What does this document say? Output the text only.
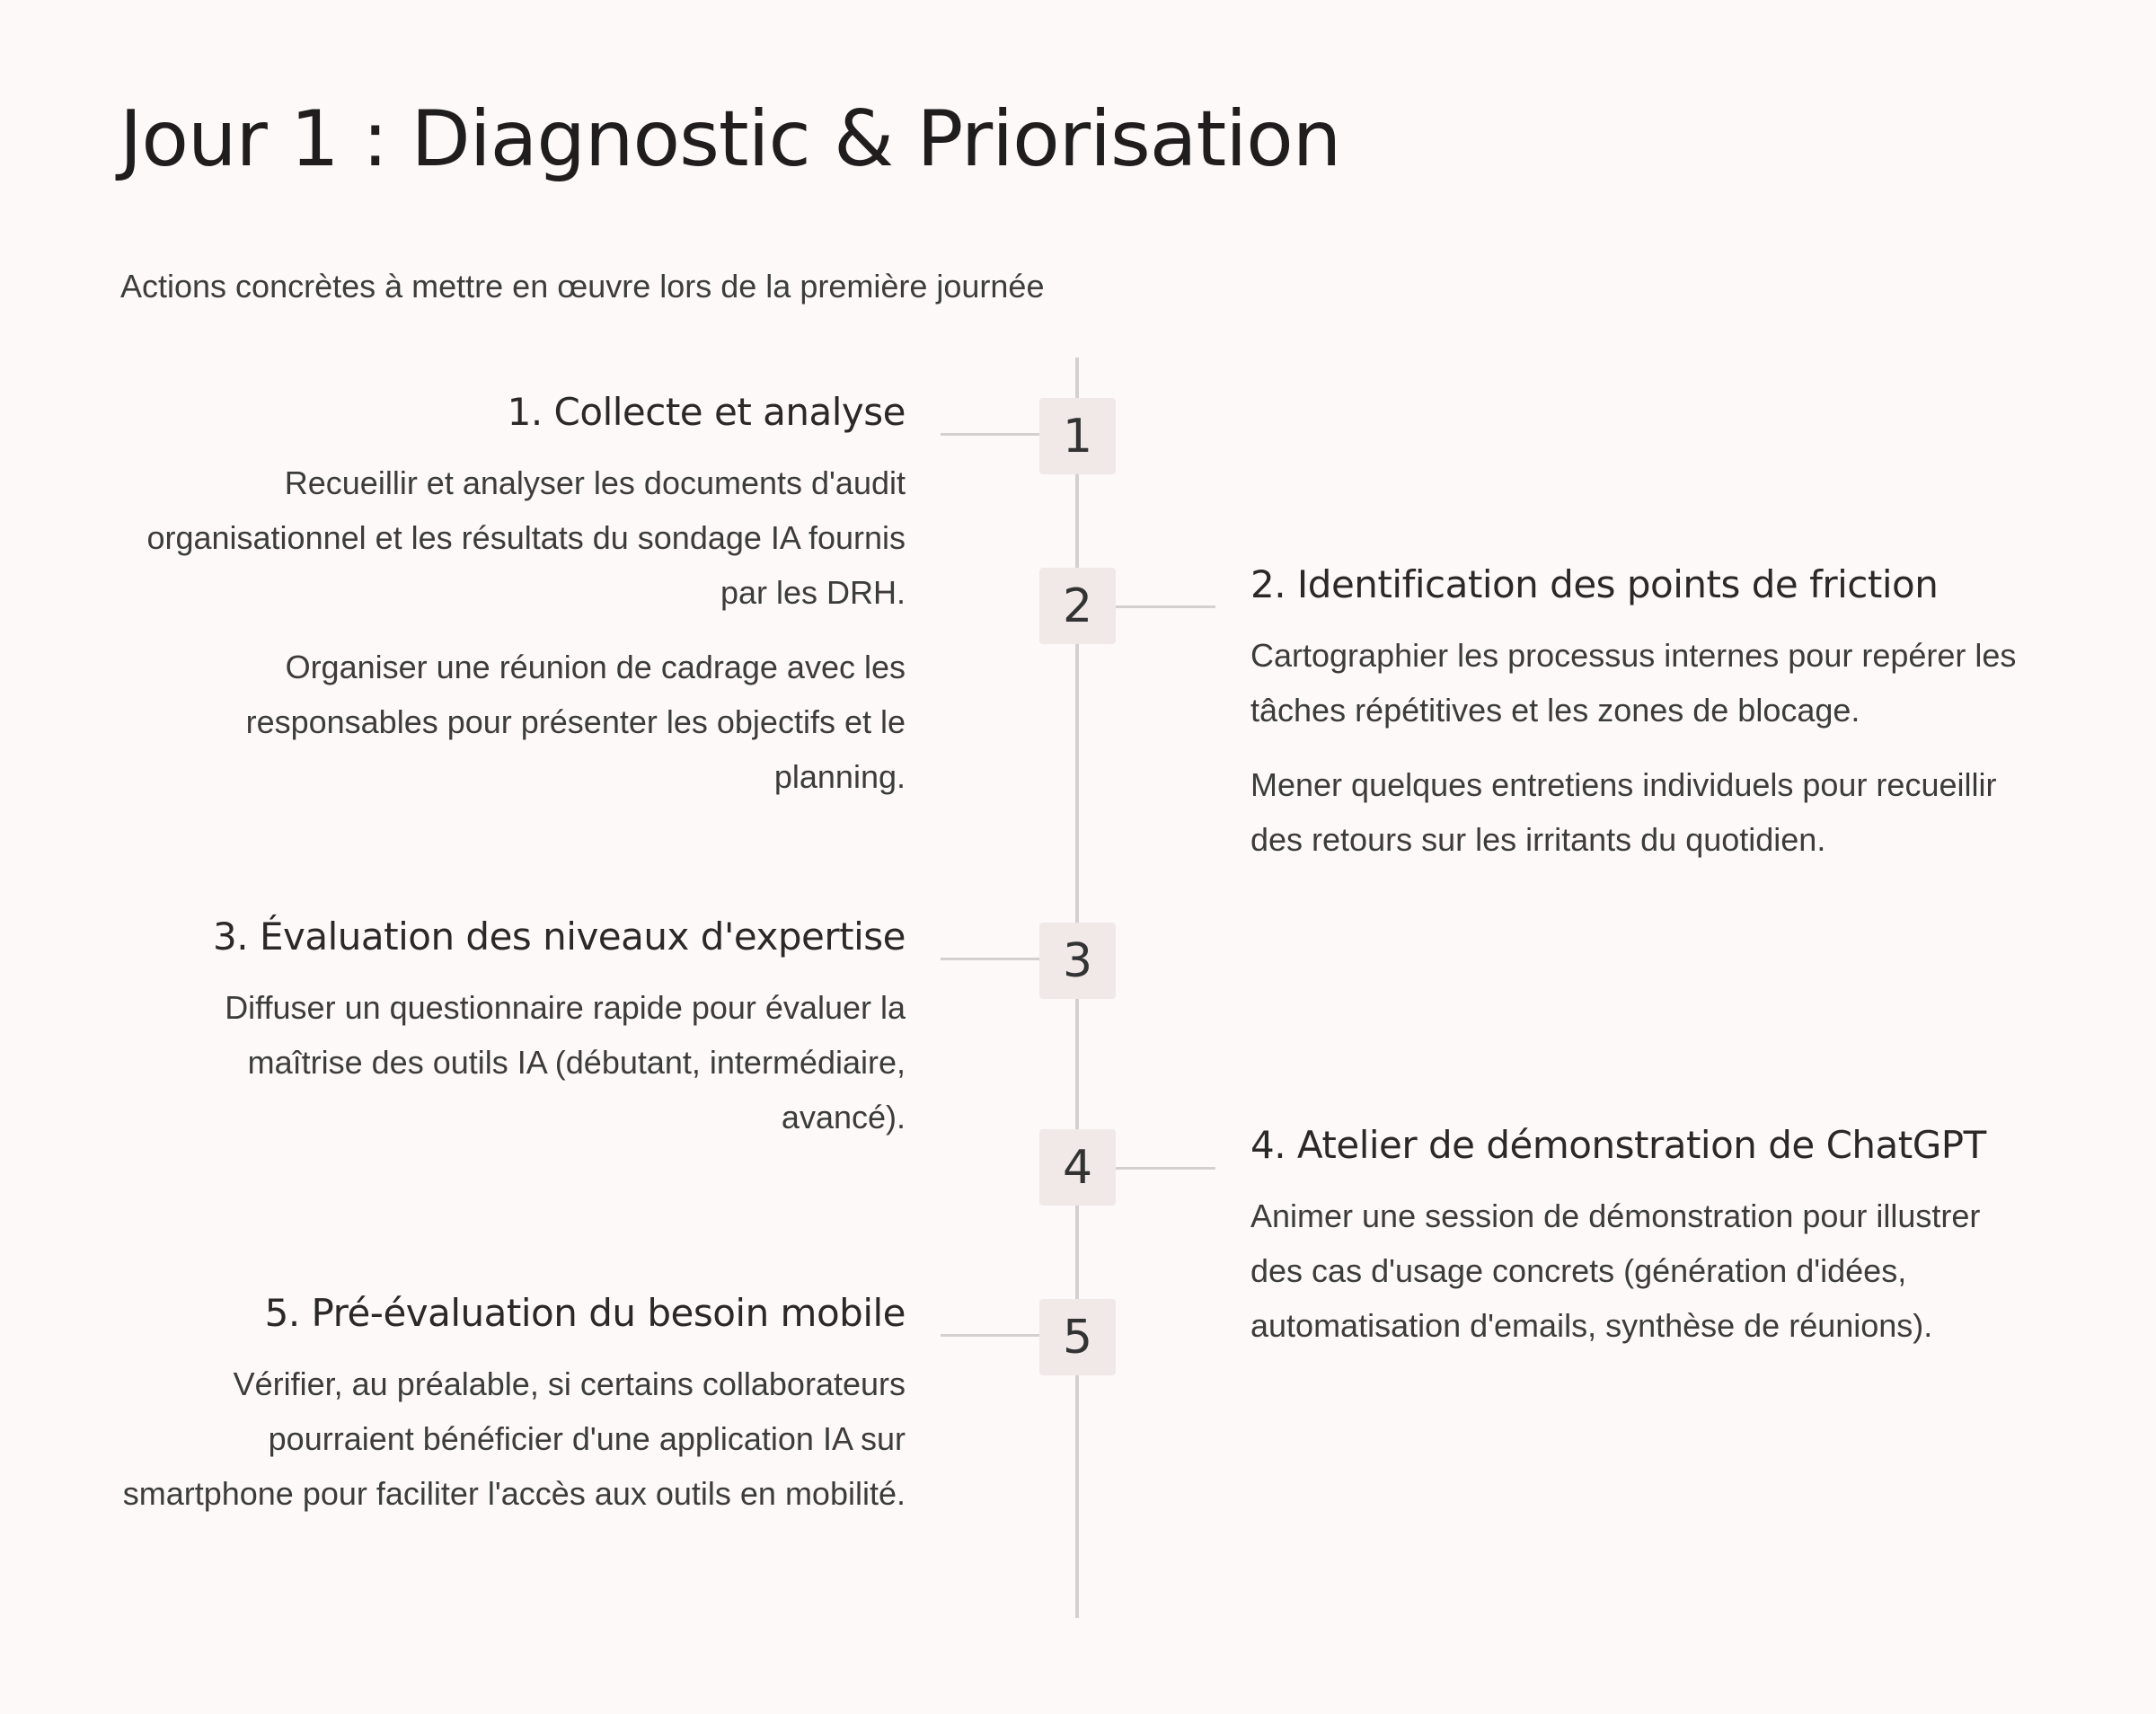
Jour 1 : Diagnostic & Priorisation

Actions concrètes à mettre en œuvre lors de la première journée

1
1. Collecte et analyse

Recueillir et analyser les documents d'audit organisationnel et les résultats du sondage IA fournis par les DRH.

Organiser une réunion de cadrage avec les responsables pour présenter les objectifs et le planning.

2	2. Identification des points de friction

Cartographier les processus internes pour repérer les tâches répétitives et les zones de blocage.

Mener quelques entretiens individuels pour recueillir des retours sur les irritants du quotidien.

3
3. Évaluation des niveaux d'expertise

Diffuser un questionnaire rapide pour évaluer la maîtrise des outils IA (débutant, intermédiaire, avancé).

4	4. Atelier de démonstration de ChatGPT

Animer une session de démonstration pour illustrer des cas d'usage concrets (génération d'idées, automatisation d'emails, synthèse de réunions).

5
5. Pré-évaluation du besoin mobile

Vérifier, au préalable, si certains collaborateurs pourraient bénéficier d'une application IA sur smartphone pour faciliter l'accès aux outils en mobilité.
